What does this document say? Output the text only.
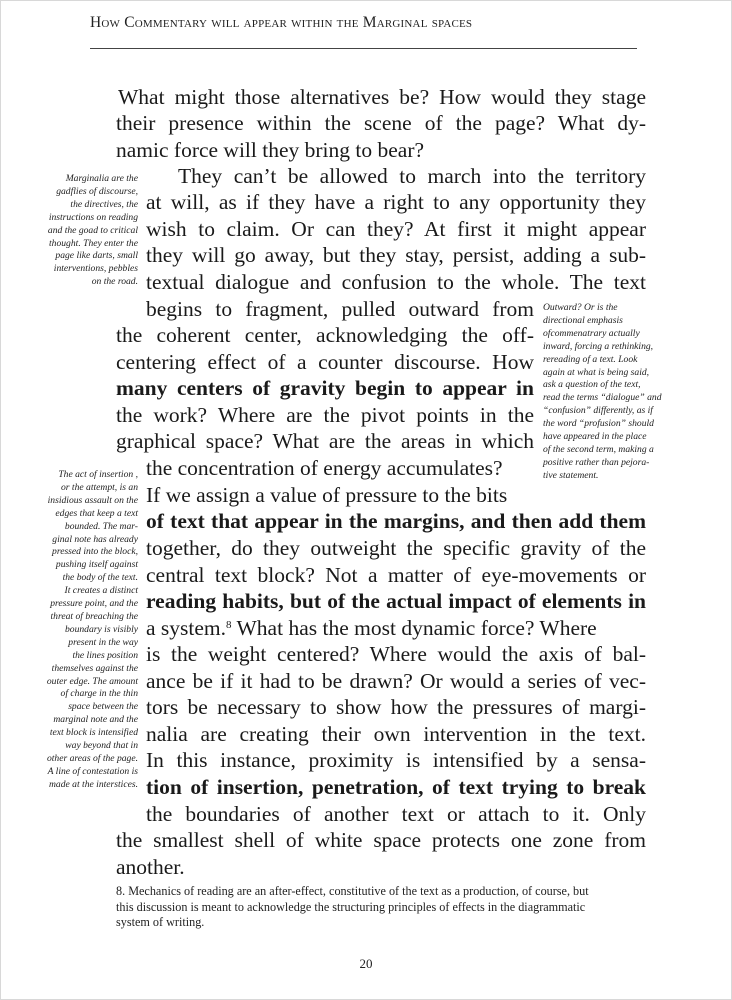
How Commentary will appear within the Marginal spaces
What might those alternatives be? How would they stage
their presence within the scene of the page? What dy-
namic force will they bring to bear?
They can’t be allowed to march into the territory
at will, as if they have a right to any opportunity they
wish to claim. Or can they? At first it might appear
they will go away, but they stay, persist, adding a sub-
textual dialogue and confusion to the whole. The text
begins to fragment, pulled outward from
the coherent center, acknowledging the off-
centering effect of a counter discourse. How
many centers of gravity begin to appear in
the work? Where are the pivot points in the
graphical space? What are the areas in which
the concentration of energy accumulates?
If we assign a value of pressure to the bits
of text that appear in the margins, and then add them
together, do they outweight the specific gravity of the
central text block? Not a matter of eye-movements or
reading habits, but of the actual impact of elements in
a system.$^8$ What has the most dynamic force? Where
is the weight centered? Where would the axis of bal-
ance be if it had to be drawn? Or would a series of vec-
tors be necessary to show how the pressures of margi-
nalia are creating their own intervention in the text.
In this instance, proximity is intensified by a sensa-
tion of insertion, penetration, of text trying to break
the boundaries of another text or attach to it. Only
the smallest shell of white space protects one zone from
another.
Marginalia are the
gadflies of discourse,
the directives, the
instructions on reading
and the goad to critical
thought. They enter the
page like darts, small
interventions, pebbles
on the road.
Outward? Or is the
directional emphasis
ofcommenatrary actually
inward, forcing a rethinking,
rereading of a text. Look
again at what is being said,
ask a question of the text,
read the terms “dialogue” and
“confusion” differently, as if
the word “profusion” should
have appeared in the place
of the second term, making a
positive rather than pejora-
tive statement.
The act of insertion ,
or the attempt, is an
insidious assault on the
edges that keep a text
bounded. The mar-
ginal note has already
pressed into the block,
pushing itself against
the body of the text.
It creates a distinct
pressure point, and the
threat of breaching the
boundary is visibly
present in the way
the lines position
themselves against the
outer edge. The amount
of charge in the thin
space between the
marginal note and the
text block is intensified
way beyond that in
other areas of the page.
A line of contestation is
made at the interstices.
8. Mechanics of reading are an after-effect, constitutive of the text as a production, of course, but
this discussion is meant to acknowledge the structuring principles of effects in the diagrammatic
system of writing.
20
